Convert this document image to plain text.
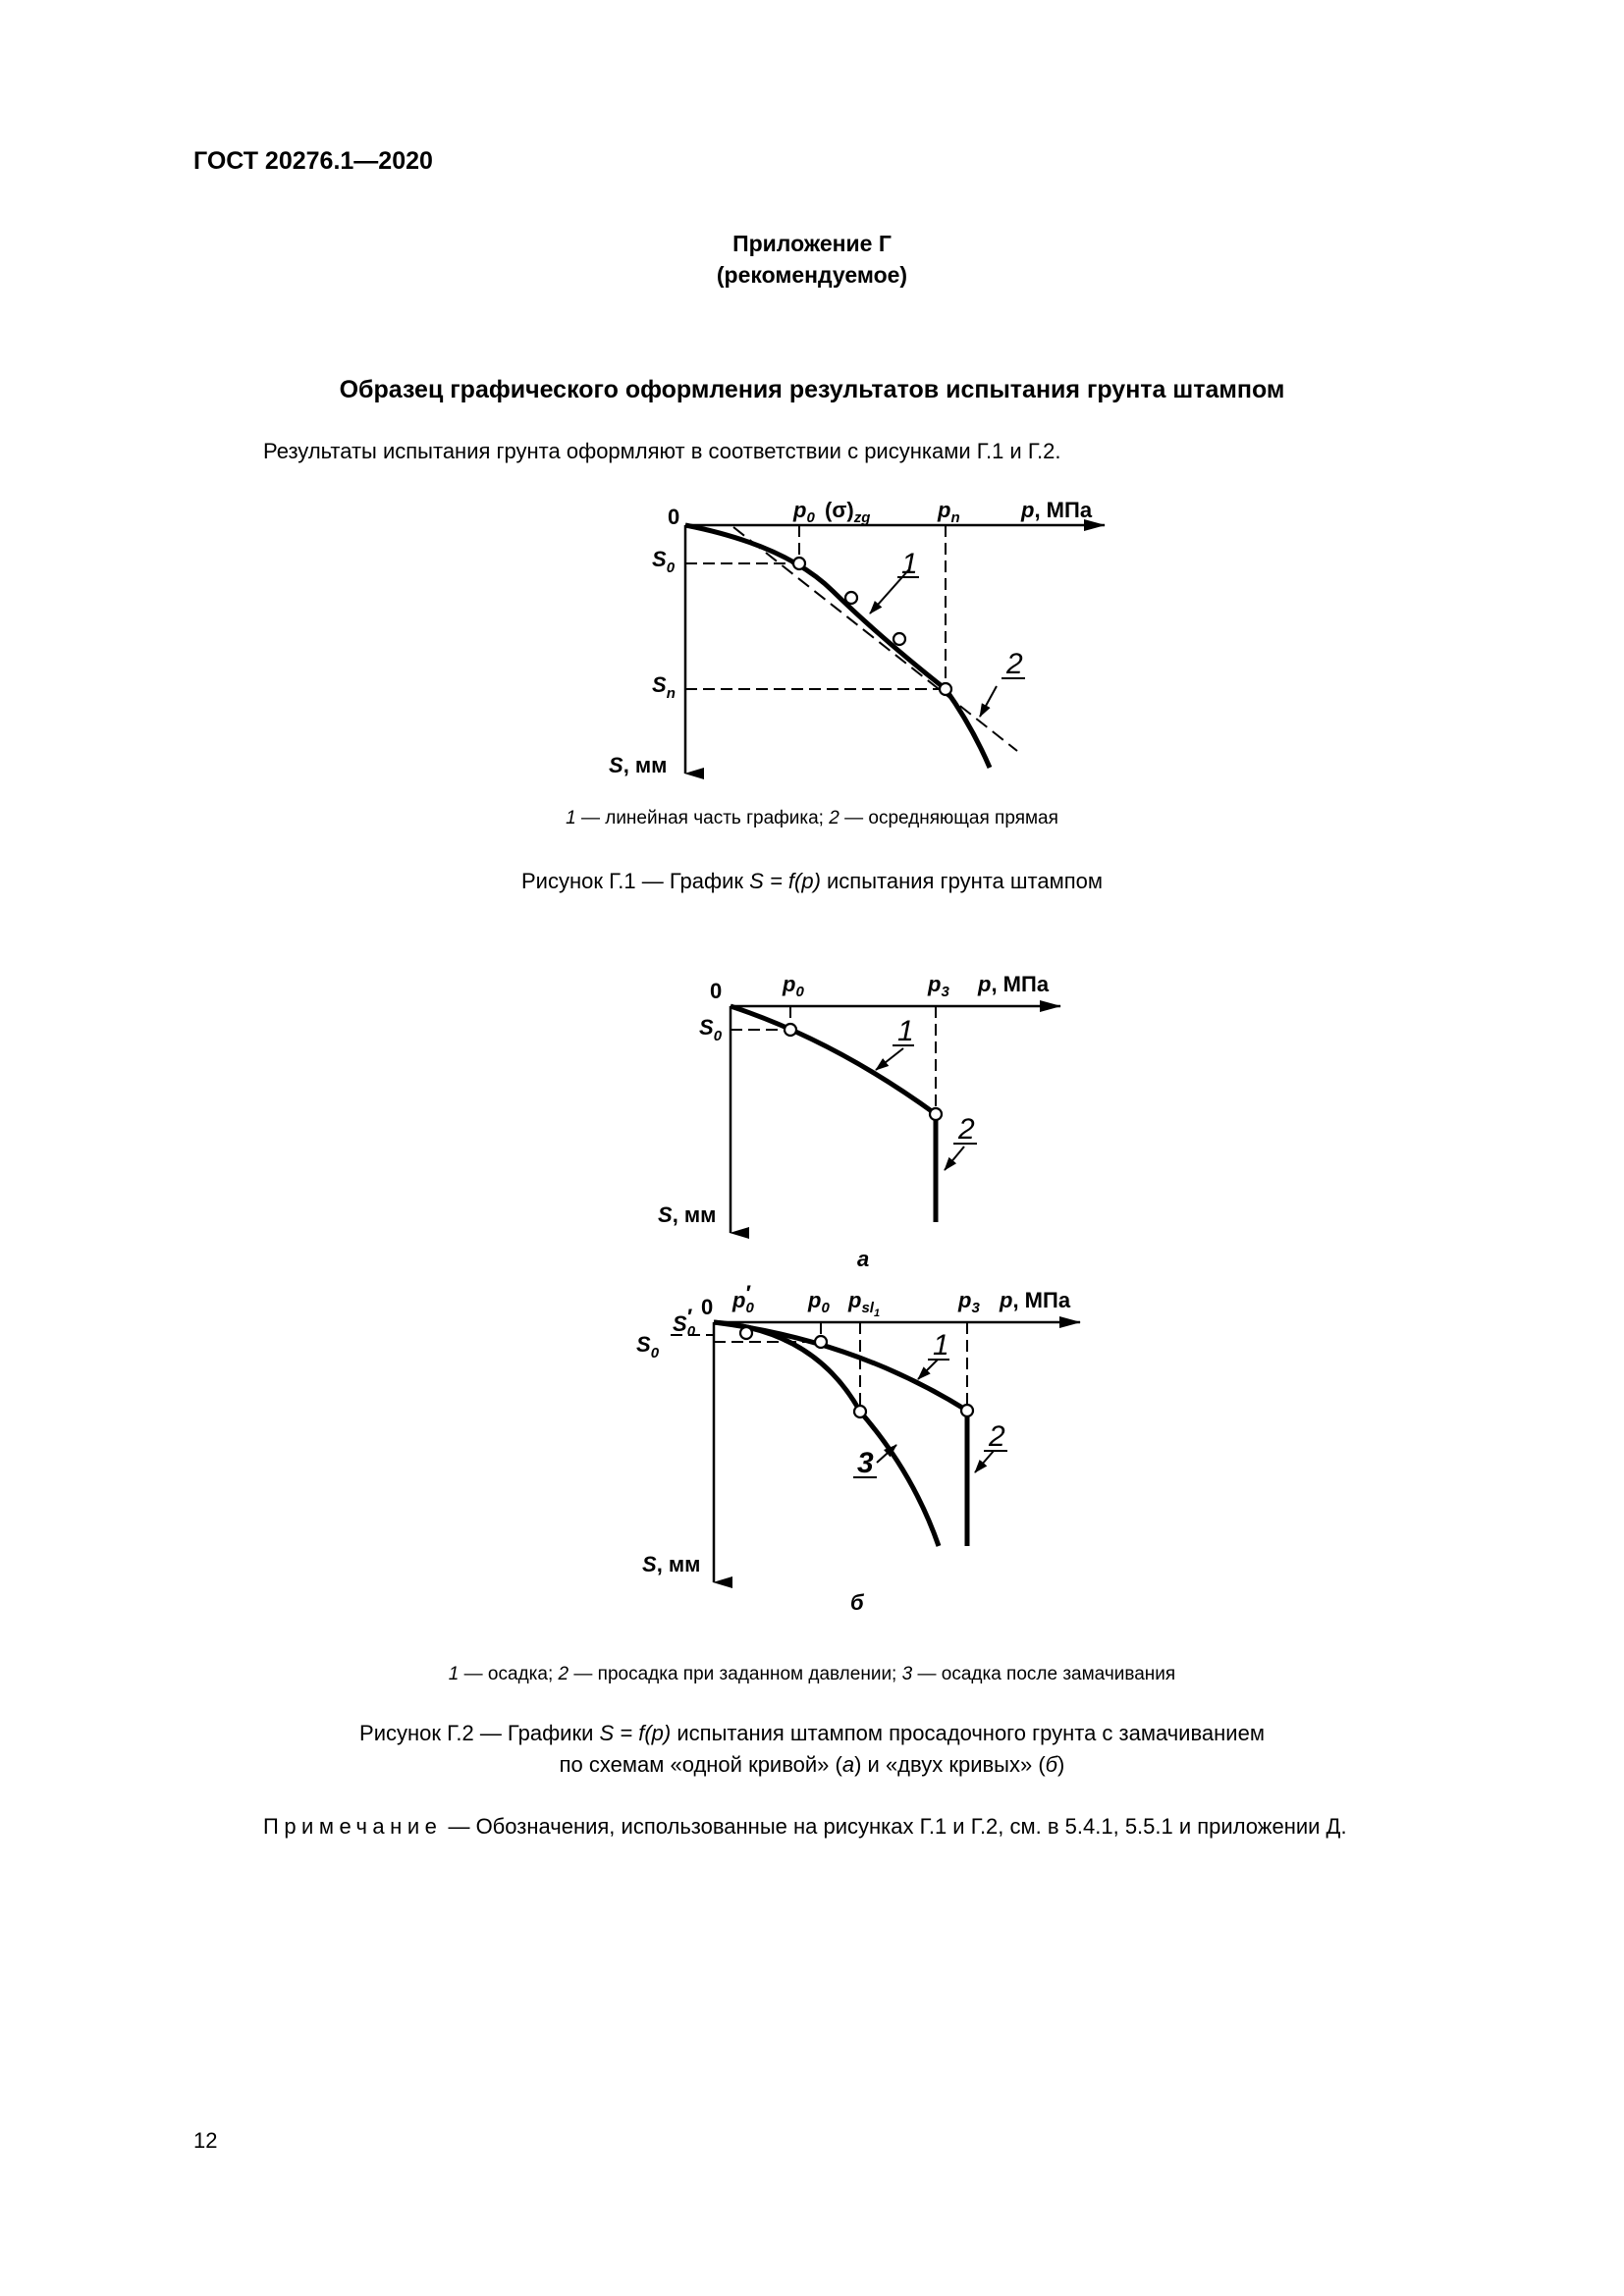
ГОСТ 20276.1—2020
Приложение Г
(рекомендуемое)
Образец графического оформления результатов испытания грунта штампом
Результаты испытания грунта оформляют в соответствии с рисунками Г.1 и Г.2.
0	p0 (σ)zg	pn	p, МПа
S0
Sn
S, мм
1
2
1 — линейная часть графика; 2 — осредняющая прямая
Рисунок Г.1 — График S = f(p) испытания грунта штампом
0	p0	p3 p, МПа
S0
S, мм
1
2
а
0 p0′	p0 psl$_1$
p3 p, МПа
S0′
S0
S, мм
1
2
3
б
1 — осадка; 2 — просадка при заданном давлении; 3 — осадка после замачивания
Рисунок Г.2 — Графики S = f(p) испытания штампом просадочного грунта с замачиванием
по схемам «одной кривой» (а) и «двух кривых» (б)
Примечание — Обозначения, использованные на рисунках Г.1 и Г.2, см. в 5.4.1, 5.5.1 и приложении Д.
12
